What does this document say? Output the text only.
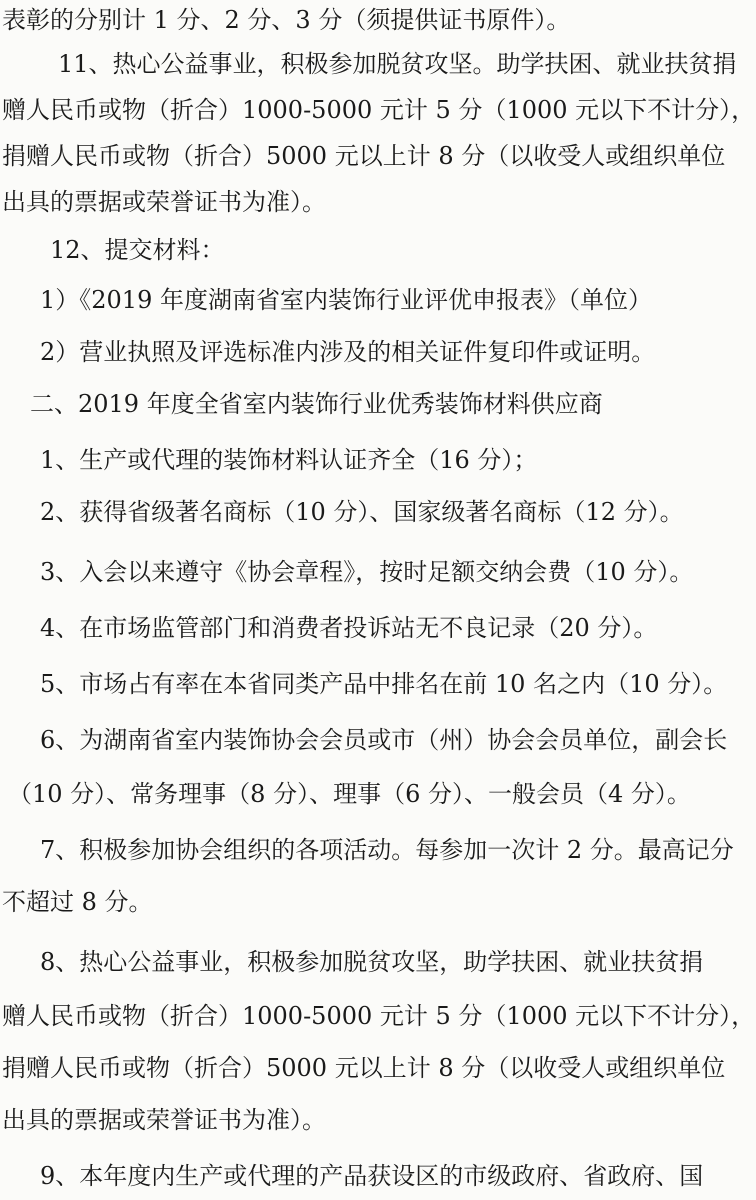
表彰的分别计 1 分、2 分、3 分（须提供证书原件）。
11、热心公益事业，积极参加脱贫攻坚。助学扶困、就业扶贫捐
赠人民币或物（折合）1000-5000 元计 5 分（1000 元以下不计分），
捐赠人民币或物（折合）5000 元以上计 8 分（以收受人或组织单位
出具的票据或荣誉证书为准）。
12、提交材料：
1）《2019 年度湖南省室内装饰行业评优申报表》（单位）
2）营业执照及评选标准内涉及的相关证件复印件或证明。
二、2019 年度全省室内装饰行业优秀装饰材料供应商
1、生产或代理的装饰材料认证齐全（16 分）；
2、获得省级著名商标（10 分）、国家级著名商标（12 分）。
3、入会以来遵守《协会章程》，按时足额交纳会费（10 分）。
4、在市场监管部门和消费者投诉站无不良记录（20 分）。
5、市场占有率在本省同类产品中排名在前 10 名之内（10 分）。
6、为湖南省室内装饰协会会员或市（州）协会会员单位，副会长
（10 分）、常务理事（8 分）、理事（6 分）、一般会员（4 分）。
7、积极参加协会组织的各项活动。每参加一次计 2 分。最高记分
不超过 8 分。
8、热心公益事业，积极参加脱贫攻坚，助学扶困、就业扶贫捐
赠人民币或物（折合）1000-5000 元计 5 分（1000 元以下不计分），
捐赠人民币或物（折合）5000 元以上计 8 分（以收受人或组织单位
出具的票据或荣誉证书为准）。
9、本年度内生产或代理的产品获设区的市级政府、省政府、国
